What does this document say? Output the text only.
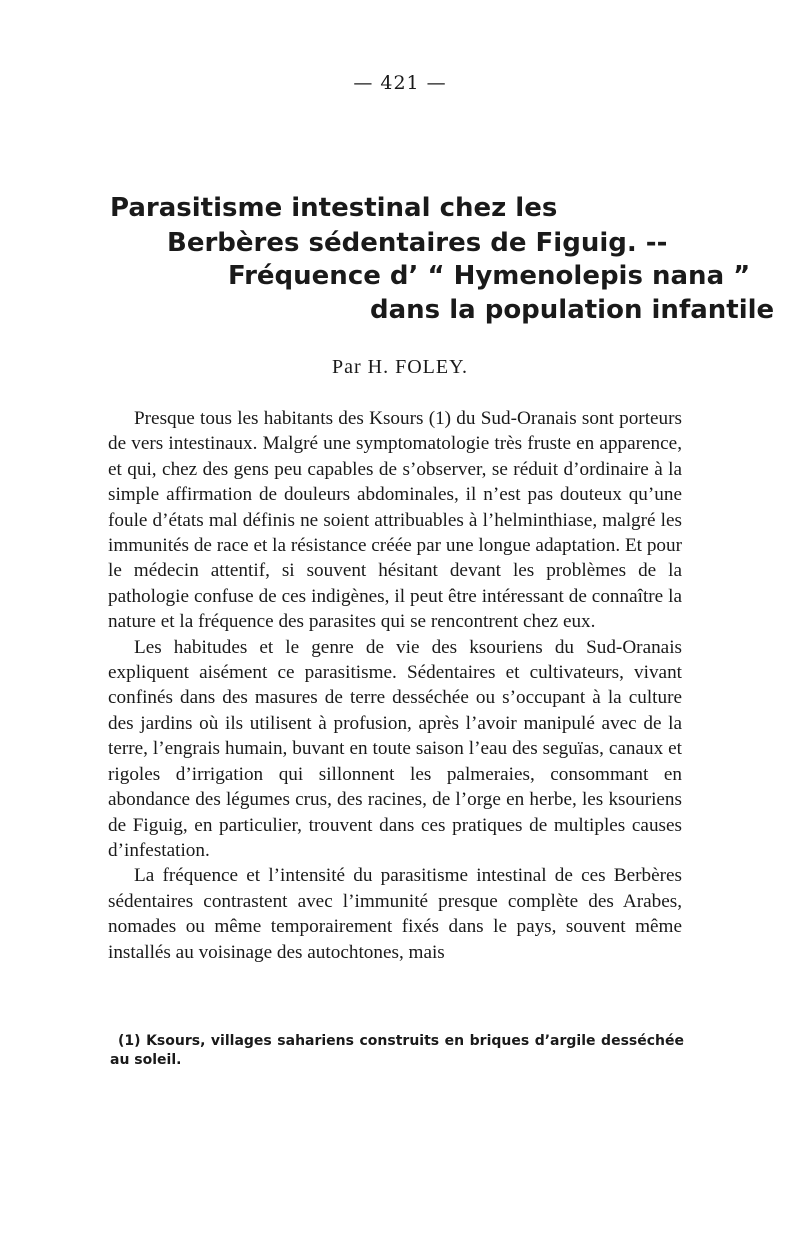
— 421 —
Parasitisme intestinal chez les
Berbères sédentaires de Figuig. --
Fréquence d’ “ Hymenolepis nana ”
dans la population infantile
Par H. FOLEY.

Presque tous les habitants des Ksours (1) du Sud-Oranais sont porteurs de vers intestinaux. Malgré une symptomatologie très fruste en apparence, et qui, chez des gens peu capables de s’observer, se réduit d’ordinaire à la simple affirmation de douleurs abdominales, il n’est pas douteux qu’une foule d’états mal définis ne soient attribuables à l’helminthiase, malgré les immunités de race et la résistance créée par une longue adaptation. Et pour le médecin attentif, si souvent hésitant devant les problèmes de la pathologie confuse de ces indigènes, il peut être intéressant de connaître la nature et la fréquence des parasites qui se rencontrent chez eux.

Les habitudes et le genre de vie des ksouriens du Sud-Oranais expliquent aisément ce parasitisme. Sédentaires et cultivateurs, vivant confinés dans des masures de terre desséchée ou s’occupant à la culture des jardins où ils utilisent à profusion, après l’avoir manipulé avec de la terre, l’engrais humain, buvant en toute saison l’eau des seguïas, canaux et rigoles d’irrigation qui sillonnent les palmeraies, consommant en abondance des légumes crus, des racines, de l’orge en herbe, les ksouriens de Figuig, en particulier, trouvent dans ces pratiques de multiples causes d’infestation.

La fréquence et l’intensité du parasitisme intestinal de ces Berbères sédentaires contrastent avec l’immunité presque complète des Arabes, nomades ou même temporairement fixés dans le pays, souvent même installés au voisinage des autochtones, mais

(1) Ksours, villages sahariens construits en briques d’argile desséchée au soleil.
